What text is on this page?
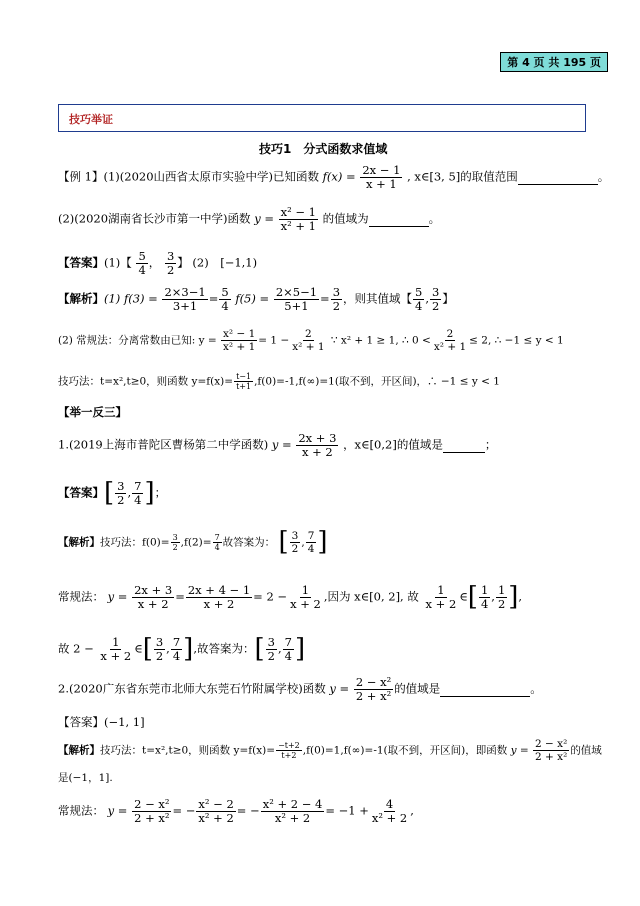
第 4 页 共 195 页
技巧举证
技巧1　分式函数求值域
【例 1】(1)(2020山西省太原市实验中学)已知函数 $f(x) = \frac{2x - 1}{x + 1}$ , x∈[3, 5]的取值范围	。
(2)(2020湖南省长沙市第一中学)函数 $y = \frac{\text{x² − 1}}{\text{x² + 1}}$ 的值域为	。
【答案】(1)【 $\frac{5}{4}$ ， $\frac{3}{2}$ 】 (2)　[−1,1)
【解析】(1) $f(3) = \frac{2\times 3-1}{3+1} = \frac{5}{4} f(5) = \frac{2\times 5-1}{5+1} = \frac{3}{2}$ ，则其值域【 $\frac{5}{4}$ , $\frac{3}{2}$ 】
(2) 常规法：分离常数由已知: $y = \frac{\text{x² − 1}}{\text{x² + 1}} = 1 - \frac{2}{\text{x² + 1}}$ ∵ x² + 1 ≥ 1, ∴ $0 < \frac{2}{\text{x² + 1}} \le 2$, ∴ −1 ≤ y < 1
技巧法：t=x²,t≥0，则函数 $y=f(x)= \frac{t-1}{t+1} ,f(0)=-1,f(\infty)=1$(取不到，开区间)，∴ −1 ≤ y < 1
【举一反三】
1.(2019上海市普陀区曹杨第二中学函数) $y = \frac{2x + 3}{x + 2}$ ，x∈[0,2]的值域是	；
【答案】[ $\frac{3}{2}$ , $\frac{7}{4}$ ]；
【解析】技巧法：$f(0)= \frac{3}{2} ,f(2)= \frac{7}{4}$ 故答案为： [ $\frac{3}{2}$ , $\frac{7}{4}$ ]
常规法： $y = \frac{2x + 3}{x + 2} = \frac{2x + 4 - 1}{x + 2} = 2 - \frac{1}{x + 2}$ ,因为 x∈[0, 2], 故 $\frac{1}{x + 2}$ ∈[ $\frac{1}{4}$ , $\frac{1}{2}$ ],
故 $2 - \frac{1}{x + 2}$ ∈[ $\frac{3}{2}$ , $\frac{7}{4}$ ],故答案为：[ $\frac{3}{2}$ , $\frac{7}{4}$ ]
2.(2020广东省东莞市北师大东莞石竹附属学校)函数 $y = \frac{\text{2 − x²}}{\text{2 + x²}}$ 的值域是	。
【答案】(−1, 1]
【解析】技巧法：t=x²,t≥0，则函数 $y=f(x)= \frac{-t+2}{t+2} ,f(0)=1,f(\infty)=-1$(取不到，开区间)，即函数 $y = \frac{\text{2 − x²}}{\text{2 + x²}}$ 的值域
是(−1，1].
常规法： $y = \frac{\text{2 − x²}}{\text{2 + x²}}$ = − $\frac{\text{x² − 2}}{\text{x² + 2}}$ = − $\frac{\text{x² + 2 − 4}}{\text{x² + 2}} = -1 + \frac{4}{\text{x² + 2}}$ ,
